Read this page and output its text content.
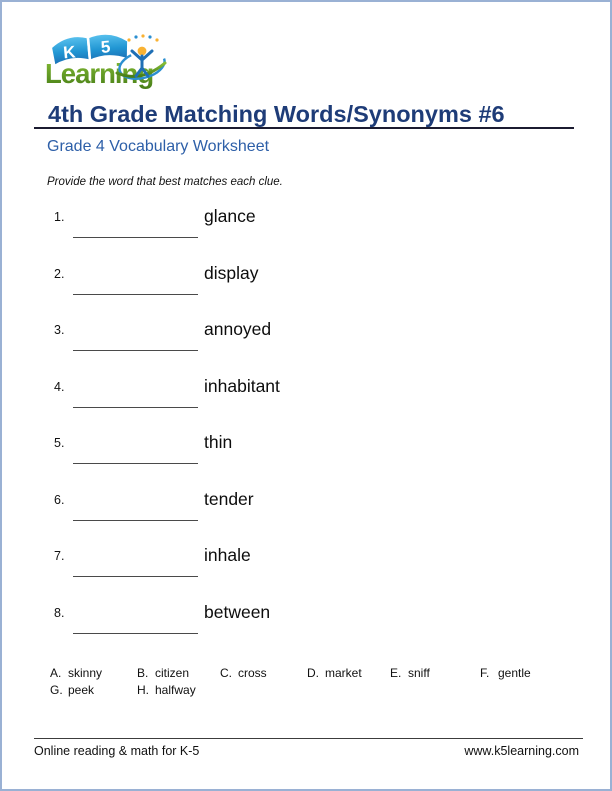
K 5
Learning
4th Grade Matching Words/Synonyms #6
Grade 4 Vocabulary Worksheet
Provide the word that best matches each clue.
1.	glance
2.	display
3.	annoyed
4.	inhabitant
5.	thin
6.	tender
7.	inhale
8.	between
A. skinny	B. citizen	C. cross	D. market	E. sniff	F. gentle
G. peek	H. halfway
Online reading & math for K-5	www.k5learning.com
